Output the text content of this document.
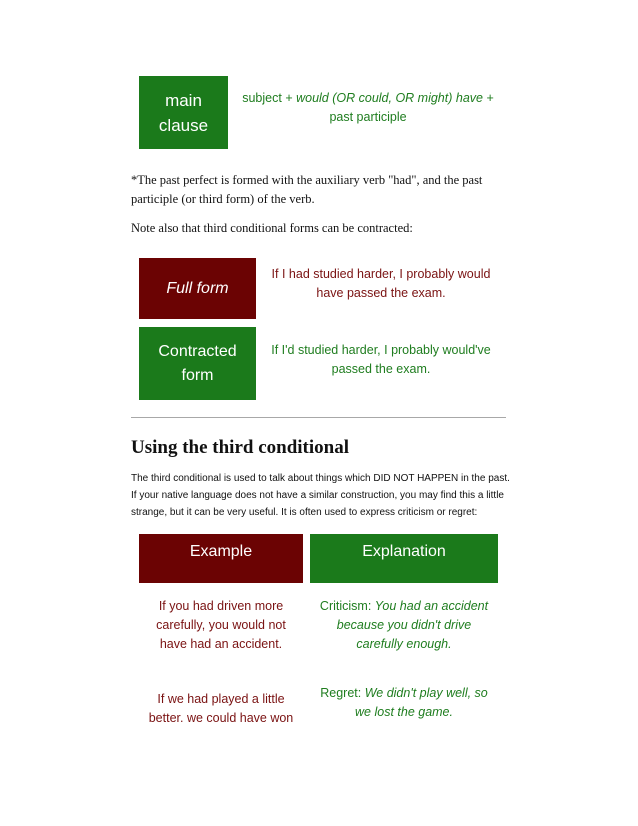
main
clause
subject + would (OR could, OR might) have +
past participle
*The past perfect is formed with the auxiliary verb "had", and the past
participle (or third form) of the verb.
Note also that third conditional forms can be contracted:
Full form
If I had studied harder, I probably would
have passed the exam.
Contracted
form
If I'd studied harder, I probably would've
passed the exam.
Using the third conditional
The third conditional is used to talk about things which DID NOT HAPPEN in the past.
If your native language does not have a similar construction, you may find this a little
strange, but it can be very useful. It is often used to express criticism or regret:
Example	Explanation
If you had driven more
carefully, you would not
have had an accident.
Criticism: You had an accident
because you didn't drive
carefully enough.
If we had played a little
better. we could have won
Regret: We didn't play well, so
we lost the game.
